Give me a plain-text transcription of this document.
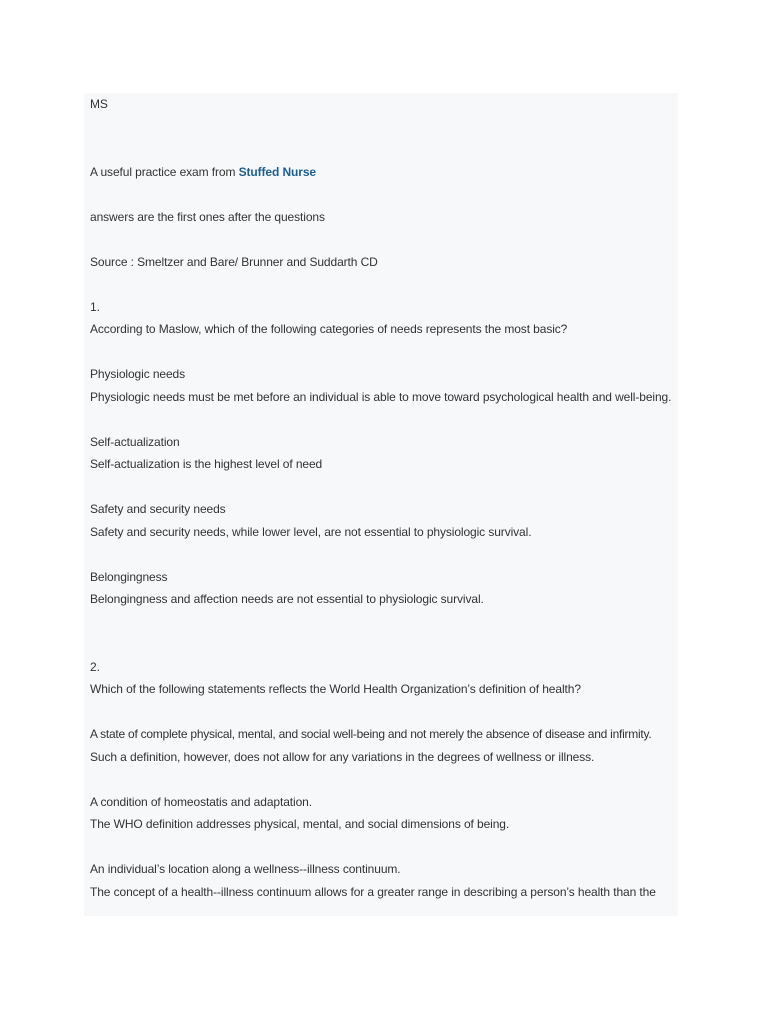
MS
A useful practice exam from Stuffed Nurse
answers are the first ones after the questions
Source : Smeltzer and Bare/ Brunner and Suddarth CD
1.
According to Maslow, which of the following categories of needs represents the most basic?
Physiologic needs
Physiologic needs must be met before an individual is able to move toward psychological health and well-being.
Self-actualization
Self-actualization is the highest level of need
Safety and security needs
Safety and security needs, while lower level, are not essential to physiologic survival.
Belongingness
Belongingness and affection needs are not essential to physiologic survival.
2.
Which of the following statements reflects the World Health Organization’s definition of health?
A state of complete physical, mental, and social well-being and not merely the absence of disease and infirmity.
Such a definition, however, does not allow for any variations in the degrees of wellness or illness.
A condition of homeostatis and adaptation.
The WHO definition addresses physical, mental, and social dimensions of being.
An individual’s location along a wellness--illness continuum.
The concept of a health--illness continuum allows for a greater range in describing a person’s health than the
